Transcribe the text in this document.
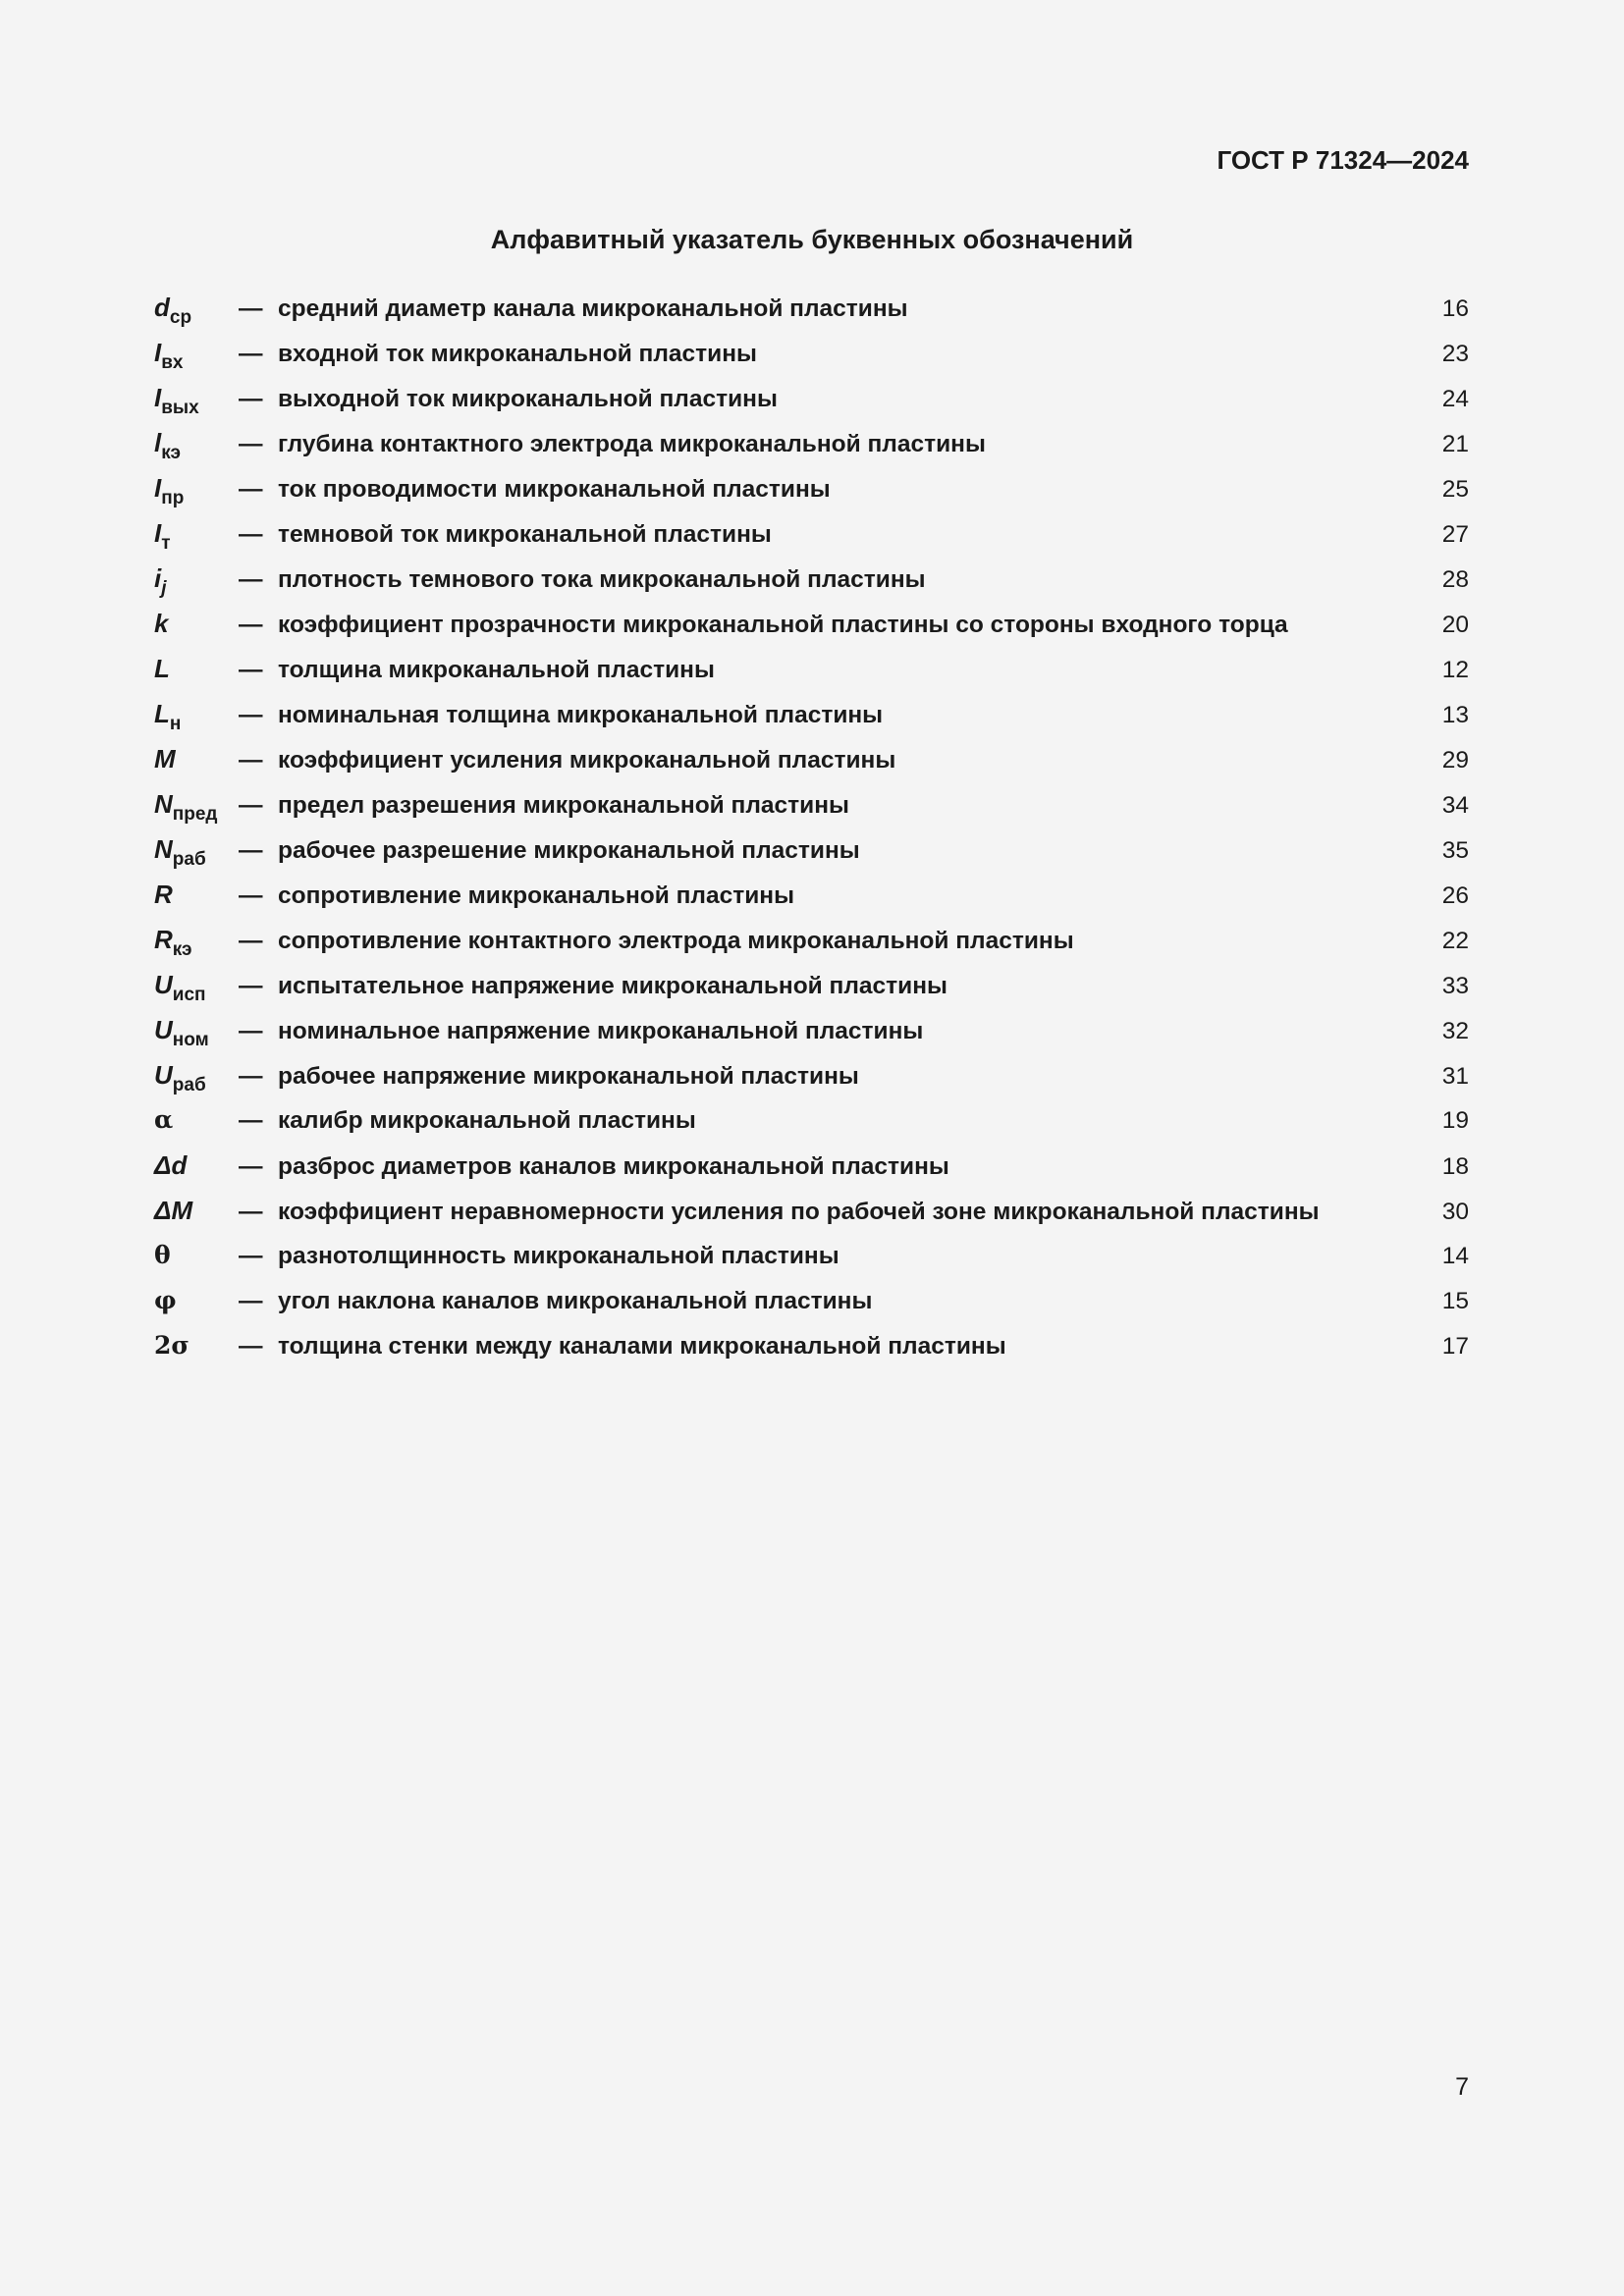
ГОСТ Р 71324—2024
Алфавитный указатель буквенных обозначений
$d_{ср}$	— средний диаметр канала микроканальной пластины	16
$I_{вх}$	— входной ток микроканальной пластины	23
$I_{вых}$	— выходной ток микроканальной пластины	24
$l_{кэ}$	— глубина контактного электрода микроканальной пластины	21
$I_{пр}$	— ток проводимости микроканальной пластины	25
$I_т$	— темновой ток микроканальной пластины	27
$i_j$	— плотность темнового тока микроканальной пластины	28
k	— коэффициент прозрачности микроканальной пластины со стороны входного торца	20
L	— толщина микроканальной пластины	12
$L_н$	— номинальная толщина микроканальной пластины	13
M	— коэффициент усиления микроканальной пластины	29
$N_{пред}$ — предел разрешения микроканальной пластины	34
$N_{раб}$	— рабочее разрешение микроканальной пластины	35
R	— сопротивление микроканальной пластины	26
$R_{кэ}$	— сопротивление контактного электрода микроканальной пластины	22
$U_{исп}$	— испытательное напряжение микроканальной пластины	33
$U_{ном}$	— номинальное напряжение микроканальной пластины	32
$U_{раб}$	— рабочее напряжение микроканальной пластины	31
α	— калибр микроканальной пластины	19
Δd	— разброс диаметров каналов микроканальной пластины	18
ΔM	— коэффициент неравномерности усиления по рабочей зоне микроканальной пластины	30
θ	— разнотолщинность микроканальной пластины	14
φ	— угол наклона каналов микроканальной пластины	15
2σ	— толщина стенки между каналами микроканальной пластины	17
7
